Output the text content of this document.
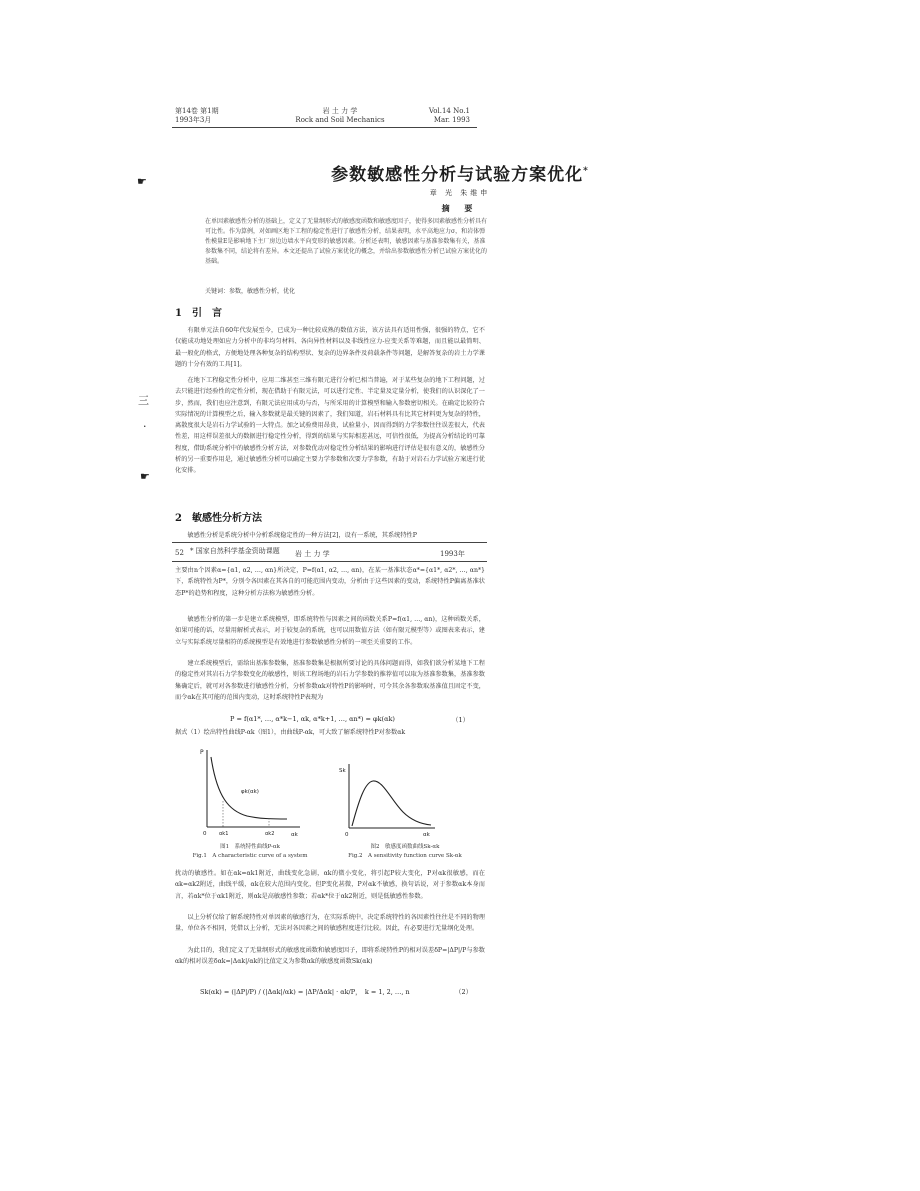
第14卷 第1期
1993年3月
岩 土 力 学
Rock and Soil Mechanics
Vol.14 No.1
Mar. 1993
参数敏感性分析与试验方案优化*
章 光 朱维申
摘 要
在单因素敏感性分析的基础上，定义了无量纲形式的敏感度函数和敏感度因子，使得多因素敏感性分析具有可比性。作为算例，对如画区地下工程的稳定性进行了敏感性分析，结果表明，水平高地应力σ，和岩体弹性模量E是影响地下主厂房边边墙水平向变形的敏感因素。分析还表明，敏感因素与基准参数集有关，基准参数集不同，结论将有差异。本文还提出了试验方案优化的概念，并给出参数敏感性分析已试验方案优化的基础。
关键词：参数，敏感性分析，优化
1　引　言
有限单元法自60年代发展至今，已成为一种比较成熟的数值方法，该方法具有适用性强，很强的特点，它不仅能成功地处理如应力分析中的非均匀材料、各向异性材料以及非线性应力-应变关系等难题，而且能以最简明、最一般化的格式，方便地处理各种复杂的结构型状、复杂的边界条件及荷载条件等问题，是解答复杂的岩土力学课题的十分有效的工具[1]。
在地下工程稳定性分析中，应用二维甚至三维有限元进行分析已相当普遍，对于某些复杂的地下工程问题，过去只能进行经验性的定性分析，现在借助于有限元法，可以进行定性、半定量及定量分析，使我们的认识深化了一步，然而，我们也应注意到，有限元法应用成功与否，与所采用的计算模型和输入参数密切相关。在确定比较符合实际情况的计算模型之后，输入参数就是最关键的因素了，我们知道，岩石材料具有比其它材料更为复杂的特性，离散度很大是岩石力学试验的一大特点。加之试验费用昂贵，试验量小，因而得到的力学参数往往误差很大，代表性差，用这样误差很大的数据进行稳定性分析，得到的结果与实际相差甚远，可信性很低，为提高分析结论的可靠程度，借助系统分析中的敏感性分析方法，对参数优动对稳定性分析结果的影响进行评估是很有意义的，敏感性分析的另一重要作用是，通过敏感性分析可以确定主要力学参数和次要力学参数，有助于对岩石力学试验方案进行优化安排。
2　敏感性分析方法
敏感性分析是系统分析中分析系统稳定性的一种方法[2]，设有一系统，其系统特性P
52 * 国家自然科学基金资助课题 岩 土 力 学	1993年
主要由n个因素α={α1, α2, …, αn}所决定，P=f(α1, α2, …, αn)，在某一基准状态α*={α1*, α2*, …, αn*}下，系统特性为P*，分别令各因素在其各自的可能范围内变动，分析由于这些因素的变动，系统特性P偏离基准状态P*的趋势和程度，这种分析方法称为敏感性分析。
敏感性分析的第一步是建立系统模型，即系统特性与因素之间的函数关系P=f(α1, …, αn)，这种函数关系，如果可能的话，尽量用解析式表示，对于较复杂的系统，也可以用数值方法（如有限元模型等）或图表来表示，建立与实际系统尽量相符的系统模型是有效地进行参数敏感性分析的一项至关重要的工作。
建立系统模型后，需给出基准参数集，基准参数集是根据所要讨论的具体问题而得，如我们欲分析某地下工程的稳定性对其岩石力学参数变化的敏感性，则该工程场地的岩石力学参数的推荐值可以取为基准参数集，基准参数集确定后，就可对各参数进行敏感性分析，分析参数αk对特性P的影响时，可令其余各参数取基准值且固定不变，而令αk在其可能的范围内变动，这时系统特性P表现为
P = f(α1*, …, α*k−1, αk, α*k+1, …, αn*) = φk(αk)	（1）
据式（1）绘出特性曲线P-αk（图1），由曲线P-αk，可大致了解系统特性P对参数αk
P
φk(αk)
αk
0	αk1	αk2
图1　系统特性曲线P-αk
Fig.1　A characteristic curve of a system
Sk
0	αk
图2　敏感度函数曲线Sk-αk
Fig.2　A sensitivity function curve Sk-αk
扰动的敏感性。如在αk=αk1附近，曲线变化急剧，αk的微小变化，将引起P较大变化，P对αk很敏感，而在αk=αk2附近，曲线平缓，αk在较大范围内变化，但P变化甚微，P对αk不敏感，换句话说，对于参数αk本身而言，若αk*位于αk1附近，则αk是高敏感性参数；若αk*位于αk2附近，则是低敏感性参数。
以上分析仅给了解系统特性对单因素的敏感行为，在实际系统中，决定系统特性的各因素性往往是不同的物理量，单位各不相同，凭借以上分析，无法对各因素之间的敏感程度进行比较。因此，有必要进行无量纲化处理。
为此目的，我们定义了无量纲形式的敏感度函数和敏感度因子，即将系统特性P的相对误差δP=|ΔP|/P与参数αk的相对误差δαk=|Δαk|/αk的比值定义为参数αk的敏感度函数Sk(αk)
Sk(αk) = (|ΔP|/P) / (|Δαk|/αk) = |ΔP/Δαk| · αk/P，　k = 1, 2, …, n	（2）
☛
三
·
☛
